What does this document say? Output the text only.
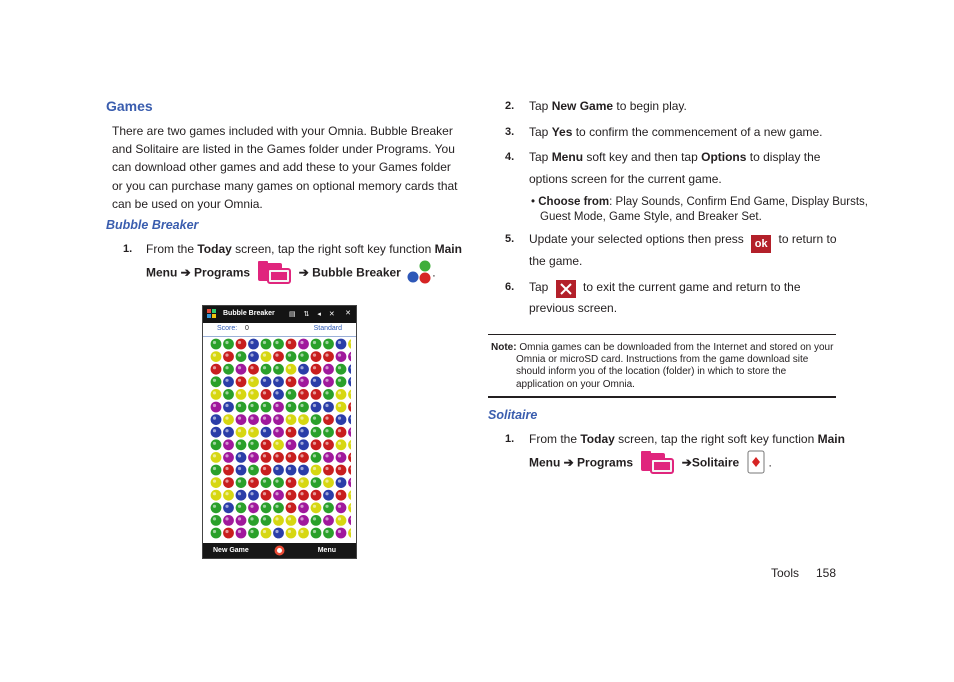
Games
There are two games included with your Omnia. Bubble Breaker
and Solitaire are listed in the Games folder under Programs. You
can download other games and add these to your Games folder
or you can purchase many games on optional memory cards that
can be used on your Omnia.
Bubble Breaker
1. From the Today screen, tap the right soft key function Main
Menu ➔ Programs	➔ Bubble Breaker	.
Bubble Breaker ▤ ⇅ ◂ ✕ ✕
Score: 0	Standard
New Game	Menu
2. Tap New Game to begin play.
3. Tap Yes to confirm the commencement of a new game.
4. Tap Menu soft key and then tap Options to display the
options screen for the current game.
• Choose from: Play Sounds, Confirm End Game, Display Bursts,
Guest Mode, Game Style, and Breaker Set.
5. Update your selected options then press ok to return to
the game.
6. Tap	to exit the current game and return to the
previous screen.
Note: Omnia games can be downloaded from the Internet and stored on your
Omnia or microSD card. Instructions from the game download site
should inform you of the location (folder) in which to store the
application on your Omnia.
Solitaire
1. From the Today screen, tap the right soft key function Main
Menu ➔ Programs	➔Solitaire .
Tools 158
